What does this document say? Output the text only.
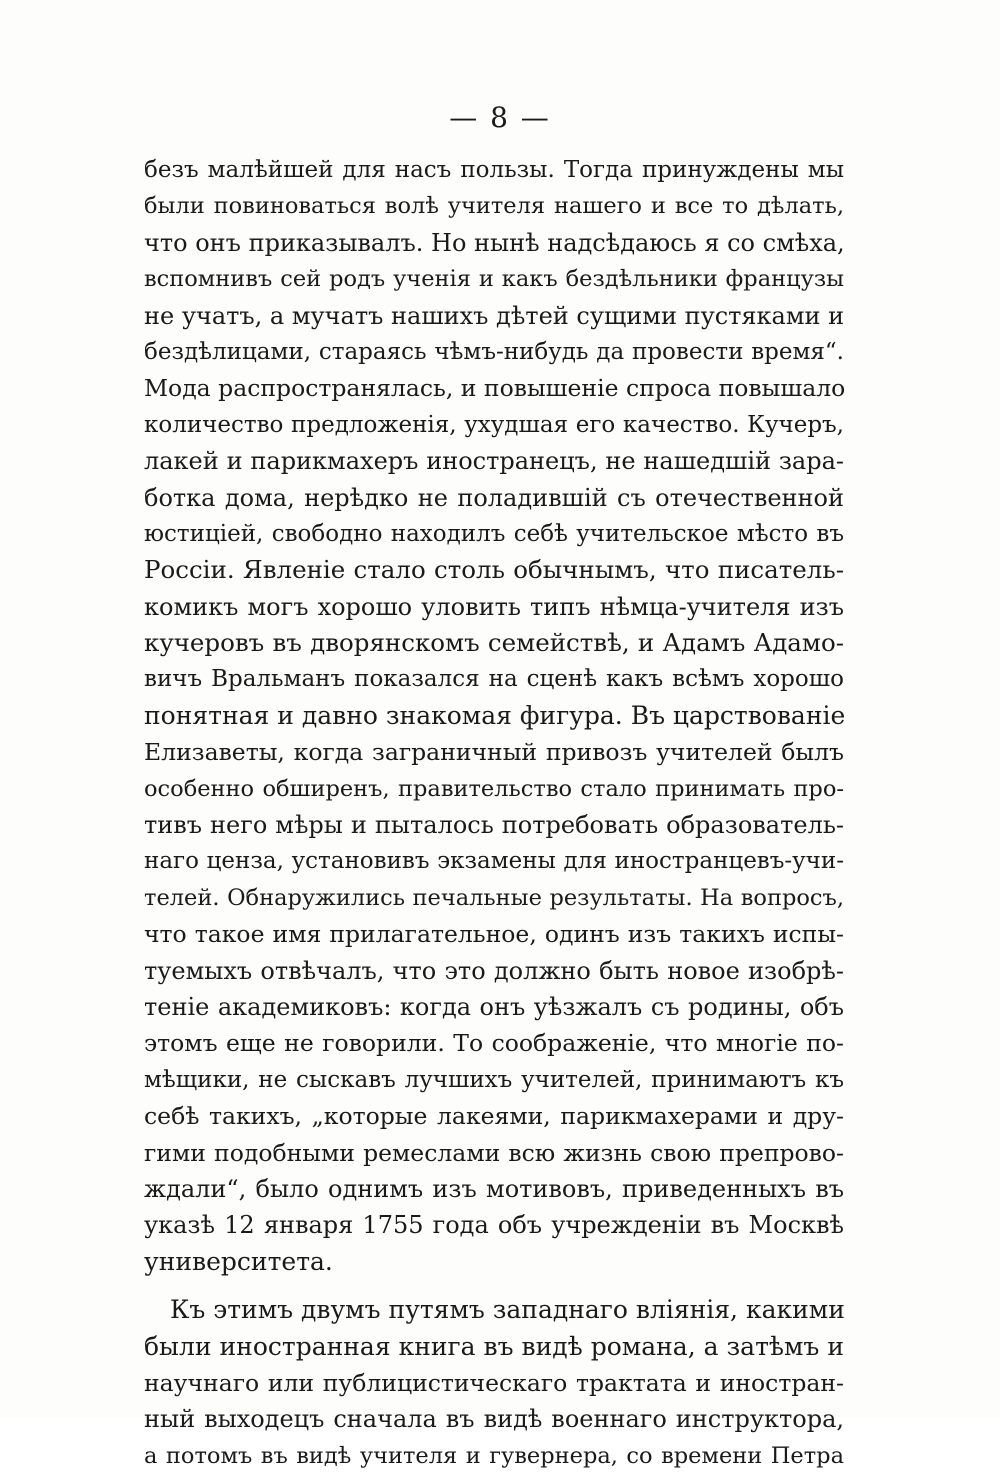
— 8 —
безъ малѣйшей для насъ пользы. Тогда принуждены мы
были повиноваться волѣ учителя нашего и все то дѣлать,
что онъ приказывалъ. Но нынѣ надсѣдаюсь я со смѣха,
вспомнивъ сей родъ ученія и какъ бездѣльники французы
не учатъ, а мучатъ нашихъ дѣтей сущими пустяками и
бездѣлицами, стараясь чѣмъ-нибудь да провести время“.
Мода распространялась, и повышеніе спроса повышало
количество предложенія, ухудшая его качество. Кучеръ,
лакей и парикмахеръ иностранецъ, не нашедшій зара-
ботка дома, нерѣдко не поладившій съ отечественной
юстиціей, свободно находилъ себѣ учительское мѣсто въ
Россіи. Явленіе стало столь обычнымъ, что писатель-
комикъ могъ хорошо уловить типъ нѣмца-учителя изъ
кучеровъ въ дворянскомъ семействѣ, и Адамъ Адамо-
вичъ Вральманъ показался на сценѣ какъ всѣмъ хорошо
понятная и давно знакомая фигура. Въ царствованіе
Елизаветы, когда заграничный привозъ учителей былъ
особенно обширенъ, правительство стало принимать про-
тивъ него мѣры и пыталось потребовать образователь-
наго ценза, установивъ экзамены для иностранцевъ-учи-
телей. Обнаружились печальные результаты. На вопросъ,
что такое имя прилагательное, одинъ изъ такихъ испы-
туемыхъ отвѣчалъ, что это должно быть новое изобрѣ-
теніе академиковъ: когда онъ уѣзжалъ съ родины, объ
этомъ еще не говорили. То соображеніе, что многіе по-
мѣщики, не сыскавъ лучшихъ учителей, принимаютъ къ
себѣ такихъ, „которые лакеями, парикмахерами и дру-
гими подобными ремеслами всю жизнь свою препрово-
ждали“, было однимъ изъ мотивовъ, приведенныхъ въ
указѣ 12 января 1755 года объ учрежденіи въ Москвѣ
университета.
Къ этимъ двумъ путямъ западнаго вліянія, какими
были иностранная книга въ видѣ романа, а затѣмъ и
научнаго или публицистическаго трактата и иностран-
ный выходецъ сначала въ видѣ военнаго инструктора,
а потомъ въ видѣ учителя и гувернера, со времени Петра
